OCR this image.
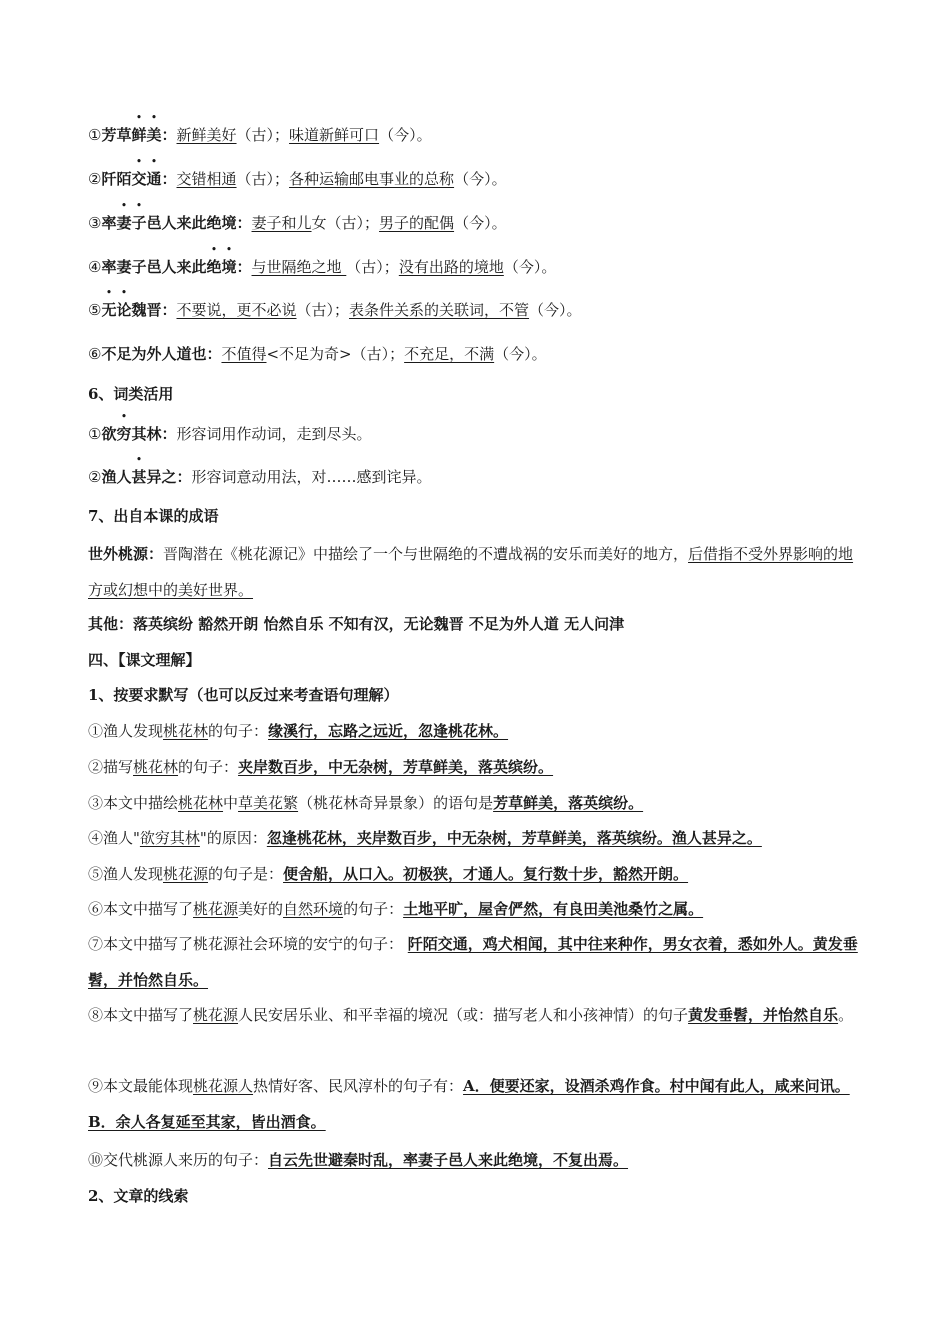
①芳草鲜美：新鲜美好（古）；味道新鲜可口（今）。
②阡陌交通：交错相通（古）；各种运输邮电事业的总称（今）。
③率妻子邑人来此绝境：妻子和儿女（古）；男子的配偶（今）。
④率妻子邑人来此绝境：与世隔绝之地 （古）；没有出路的境地（今）。
⑤无论魏晋：不要说，更不必说（古）；表条件关系的关联词，不管（今）。
⑥不足为外人道也：不值得<不足为奇>（古）；不充足，不满（今）。
6、词类活用
①欲穷其林：形容词用作动词，走到尽头。
②渔人甚异之：形容词意动用法，对……感到诧异。
7、出自本课的成语
世外桃源：晋陶潜在《桃花源记》中描绘了一个与世隔绝的不遭战祸的安乐而美好的地方，后借指不受外界影响的地方或幻想中的美好世界。
其他：落英缤纷 豁然开朗 怡然自乐 不知有汉，无论魏晋 不足为外人道 无人问津
四、【课文理解】
1、按要求默写（也可以反过来考查语句理解）
①渔人发现桃花林的句子：缘溪行，忘路之远近，忽逢桃花林。
②描写桃花林的句子：夹岸数百步，中无杂树，芳草鲜美，落英缤纷。
③本文中描绘桃花林中草美花繁（桃花林奇异景象）的语句是芳草鲜美，落英缤纷。
④渔人"欲穷其林"的原因：忽逢桃花林，夹岸数百步，中无杂树，芳草鲜美，落英缤纷。渔人甚异之。
⑤渔人发现桃花源的句子是：便舍船，从口入。初极狭，才通人。复行数十步，豁然开朗。
⑥本文中描写了桃花源美好的自然环境的句子：土地平旷，屋舍俨然，有良田美池桑竹之属。
⑦本文中描写了桃花源社会环境的安宁的句子： 阡陌交通，鸡犬相闻，其中往来种作，男女衣着，悉如外人。黄发垂髫，并怡然自乐。
⑧本文中描写了桃花源人民安居乐业、和平幸福的境况（或：描写老人和小孩神情）的句子黄发垂髫，并怡然自乐。
⑨本文最能体现桃花源人热情好客、民风淳朴的句子有：A．便要还家，设酒杀鸡作食。村中闻有此人，咸来问讯。B．余人各复延至其家，皆出酒食。
⑩交代桃源人来历的句子：自云先世避秦时乱，率妻子邑人来此绝境，不复出焉。
2、文章的线索
